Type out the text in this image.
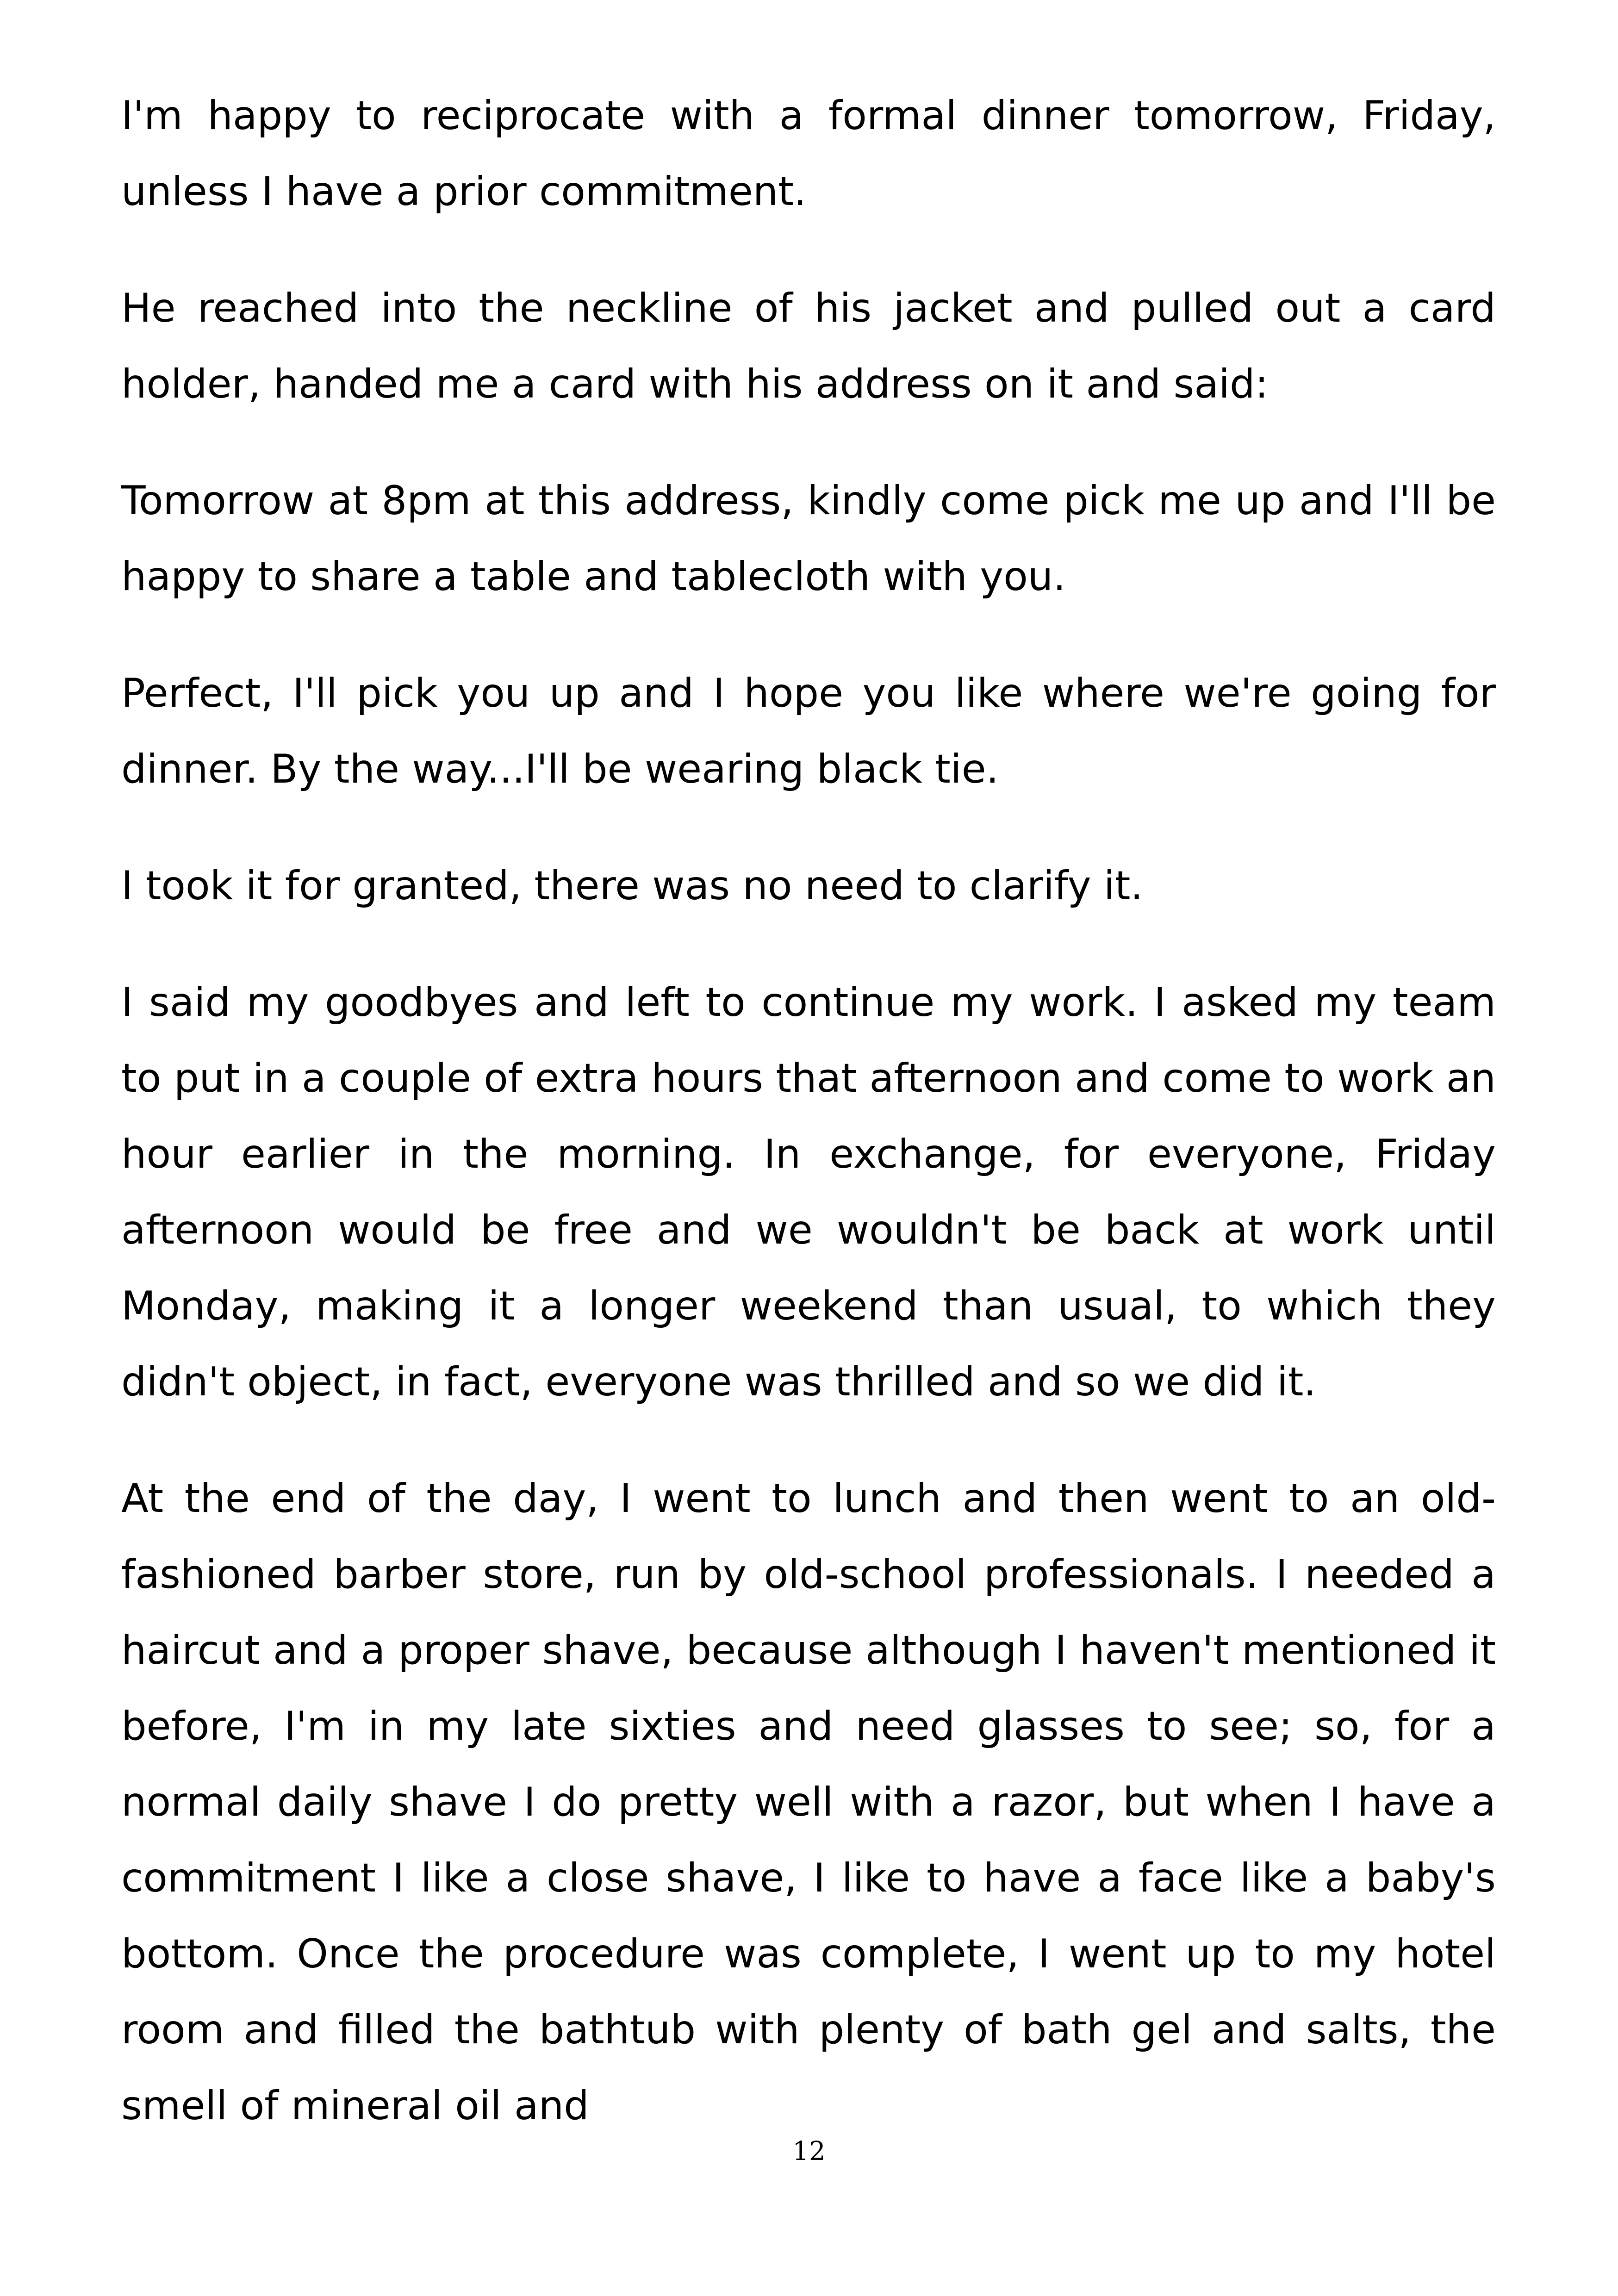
I'm happy to reciprocate with a formal dinner tomorrow, Friday, unless I have a prior commitment.

He reached into the neckline of his jacket and pulled out a card holder, handed me a card with his address on it and said:

Tomorrow at 8pm at this address, kindly come pick me up and I'll be happy to share a table and tablecloth with you.

Perfect, I'll pick you up and I hope you like where we're going for dinner. By the way...I'll be wearing black tie.

I took it for granted, there was no need to clarify it.

I said my goodbyes and left to continue my work. I asked my team to put in a couple of extra hours that afternoon and come to work an hour earlier in the morning. In exchange, for everyone, Friday afternoon would be free and we wouldn't be back at work until Monday, making it a longer weekend than usual, to which they didn't object, in fact, everyone was thrilled and so we did it.

At the end of the day, I went to lunch and then went to an old-fashioned barber store, run by old-school professionals. I needed a haircut and a proper shave, because although I haven't mentioned it before, I'm in my late sixties and need glasses to see; so, for a normal daily shave I do pretty well with a razor, but when I have a commitment I like a close shave, I like to have a face like a baby's bottom. Once the procedure was complete, I went up to my hotel room and filled the bathtub with plenty of bath gel and salts, the smell of mineral oil and

12
